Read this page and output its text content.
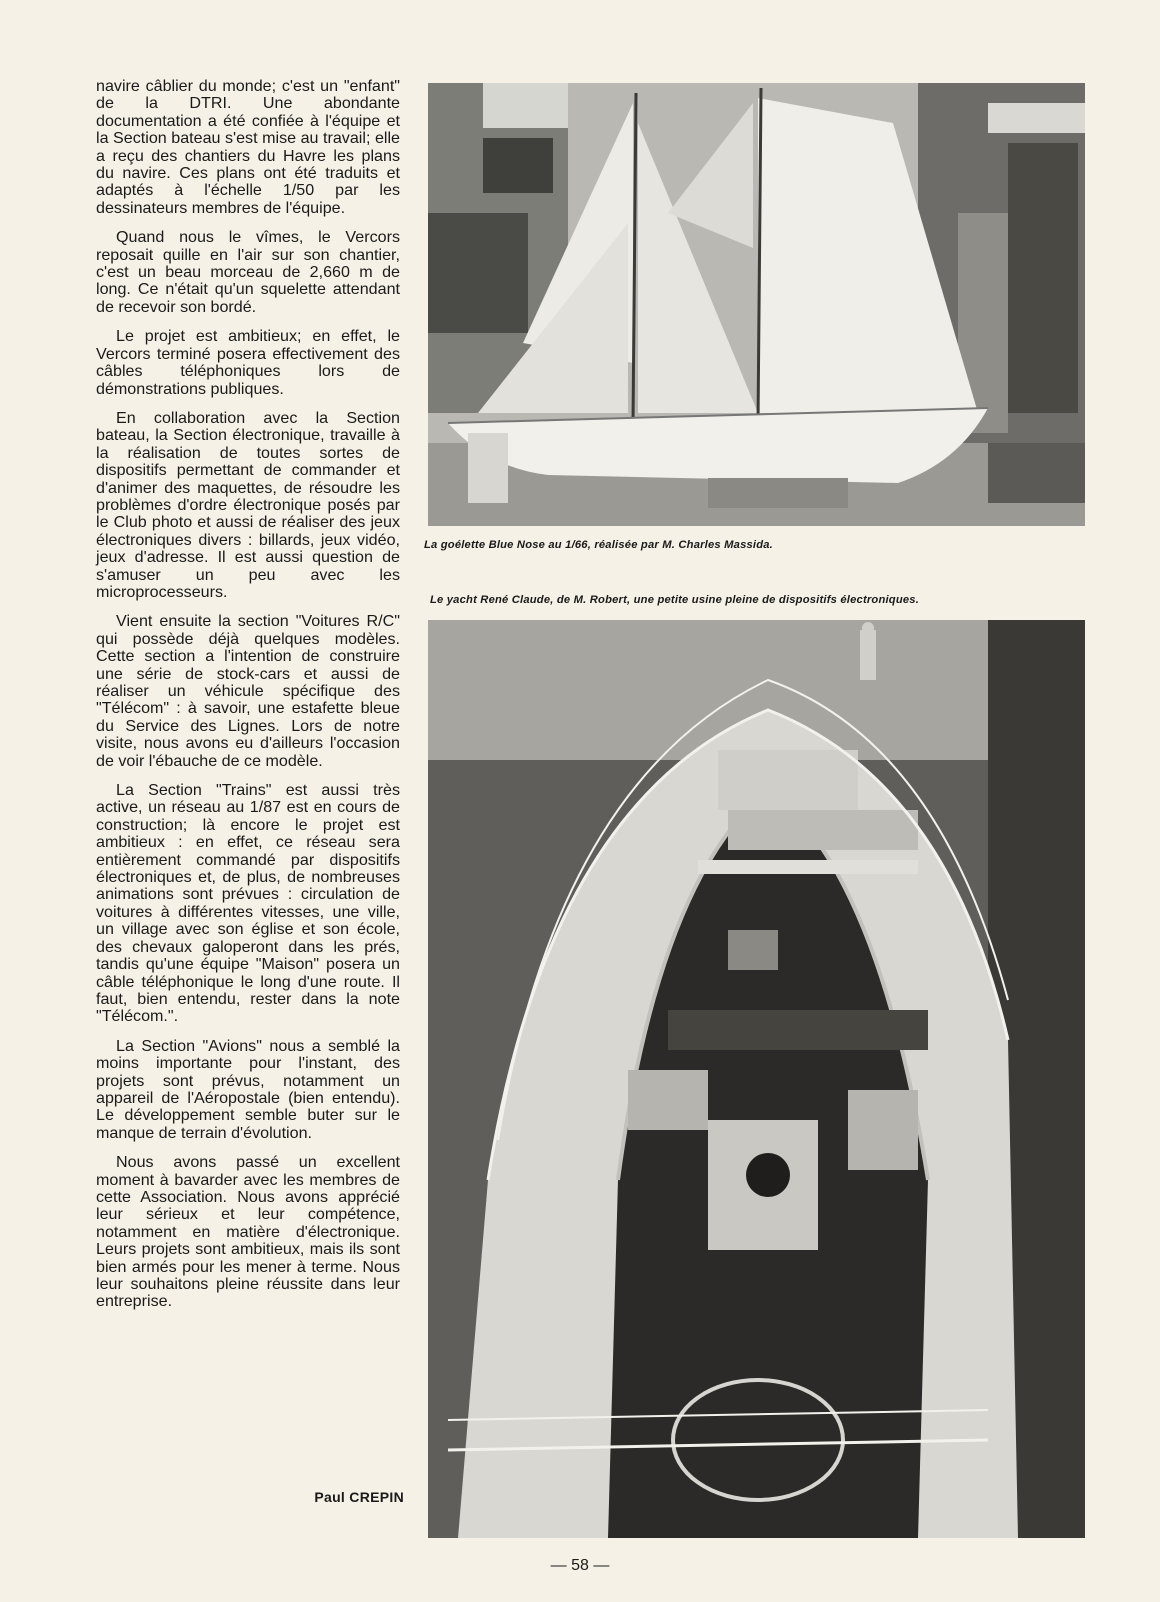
navire câblier du monde; c'est un "enfant" de la DTRI. Une abondante documentation a été confiée à l'équipe et la Section bateau s'est mise au travail; elle a reçu des chantiers du Havre les plans du navire. Ces plans ont été traduits et adaptés à l'échelle 1/50 par les dessinateurs membres de l'équipe.

Quand nous le vîmes, le Vercors reposait quille en l'air sur son chantier, c'est un beau morceau de 2,660 m de long. Ce n'était qu'un squelette attendant de recevoir son bordé.

Le projet est ambitieux; en effet, le Vercors terminé posera effectivement des câbles téléphoniques lors de démonstrations publiques.

En collaboration avec la Section bateau, la Section électronique, travaille à la réalisation de toutes sortes de dispositifs permettant de commander et d'animer des maquettes, de résoudre les problèmes d'ordre électronique posés par le Club photo et aussi de réaliser des jeux électroniques divers : billards, jeux vidéo, jeux d'adresse. Il est aussi question de s'amuser un peu avec les microprocesseurs.

Vient ensuite la section "Voitures R/C" qui possède déjà quelques modèles. Cette section a l'intention de construire une série de stock-cars et aussi de réaliser un véhicule spécifique des "Télécom" : à savoir, une estafette bleue du Service des Lignes. Lors de notre visite, nous avons eu d'ailleurs l'occasion de voir l'ébauche de ce modèle.

La Section "Trains" est aussi très active, un réseau au 1/87 est en cours de construction; là encore le projet est ambitieux : en effet, ce réseau sera entièrement commandé par dispositifs électroniques et, de plus, de nombreuses animations sont prévues : circulation de voitures à différentes vitesses, une ville, un village avec son église et son école, des chevaux galoperont dans les prés, tandis qu'une équipe "Maison" posera un câble téléphonique le long d'une route. Il faut, bien entendu, rester dans la note "Télécom.".

La Section "Avions" nous a semblé la moins importante pour l'instant, des projets sont prévus, notamment un appareil de l'Aéropostale (bien entendu). Le développement semble buter sur le manque de terrain d'évolution.

Nous avons passé un excellent moment à bavarder avec les membres de cette Association. Nous avons apprécié leur sérieux et leur compétence, notamment en matière d'électronique. Leurs projets sont ambitieux, mais ils sont bien armés pour les mener à terme. Nous leur souhaitons pleine réussite dans leur entreprise.

Paul CREPIN
La goélette Blue Nose au 1/66, réalisée par M. Charles Massida.
Le yacht René Claude, de M. Robert, une petite usine pleine de dispositifs électroniques.
— 58 —
